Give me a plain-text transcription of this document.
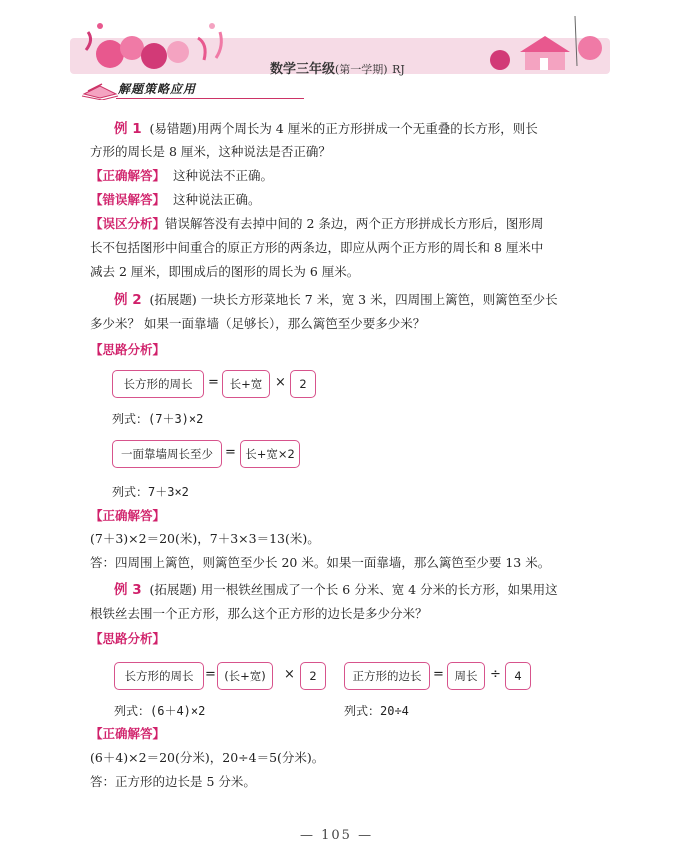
数学三年级(第一学期) RJ
解题策略应用
例 1 (易错题)用两个周长为 4 厘米的正方形拼成一个无重叠的长方形，则长
方形的周长是 8 厘米，这种说法是否正确？
【正确解答】 这种说法不正确。
【错误解答】 这种说法正确。
【误区分析】错误解答没有去掉中间的 2 条边，两个正方形拼成长方形后，图形周
长不包括图形中间重合的原正方形的两条边，即应从两个正方形的周长和 8 厘米中
减去 2 厘米，即围成后的图形的周长为 6 厘米。
例 2 (拓展题) 一块长方形菜地长 7 米，宽 3 米，四周围上篱笆，则篱笆至少长
多少米？ 如果一面靠墙（足够长），那么篱笆至少要多少米？
【思路分析】
长方形的周长	= 长+宽 ×	2
列式：(7＋3)×2
一面靠墙周长至少 = 长+宽×2
列式：7＋3×2
【正确解答】
(7＋3)×2＝20(米)，7＋3×3＝13(米)。
答：四周围上篱笆，则篱笆至少长 20 米。如果一面靠墙，那么篱笆至少要 13 米。
例 3 (拓展题) 用一根铁丝围成了一个长 6 分米、宽 4 分米的长方形，如果用这
根铁丝去围一个正方形，那么这个正方形的边长是多少分米？
【思路分析】
长方形的周长 = (长+宽)	×	2	正方形的边长 = 周长 ÷	4
列式：(6＋4)×2	列式：20÷4
【正确解答】
(6＋4)×2＝20(分米)，20÷4＝5(分米)。
答：正方形的边长是 5 分米。
— 105 —
